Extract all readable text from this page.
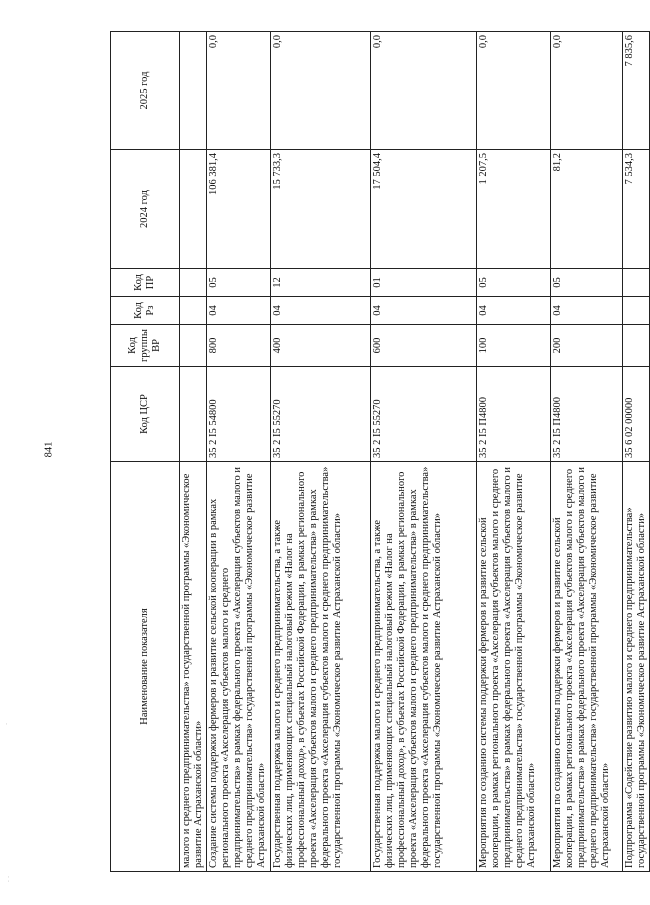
841
· ·
·	Наименование показателя	Код ЦСР	Код группы ВР	Код Рз	Код ПР	2024 год	2025 год
малого и среднего предпринимательства» государственной программы «Экономическое развитие Астраханской области»						
Создание системы поддержки фермеров и развитие сельской кооперации в рамках регионального проекта «Акселерация субъектов малого и среднего предпринимательства» в рамках федерального проекта «Акселерация субъектов малого и среднего предпринимательства» государственной программы «Экономическое развитие Астраханской области»	35 2 I5 54800	800	04	05	106 381,4	0,0
Государственная поддержка малого и среднего предпринимательства, а также физических лиц, применяющих специальный налоговый режим «Налог на профессиональный доход», в субъектах Российской Федерации, в рамках регионального проекта «Акселерация субъектов малого и среднего предпринимательства» в рамках федерального проекта «Акселерация субъектов малого и среднего предпринимательства» государственной программы «Экономическое развитие Астраханской области»	35 2 I5 55270	400	04	12	15 733,3	0,0
Государственная поддержка малого и среднего предпринимательства, а также физических лиц, применяющих специальный налоговый режим «Налог на профессиональный доход», в субъектах Российской Федерации, в рамках регионального проекта «Акселерация субъектов малого и среднего предпринимательства» в рамках федерального проекта «Акселерация субъектов малого и среднего предпринимательства» государственной программы «Экономическое развитие Астраханской области»	35 2 I5 55270	600	04	01	17 504,4	0,0
Мероприятия по созданию системы поддержки фермеров и развитие сельской кооперации, в рамках регионального проекта «Акселерация субъектов малого и среднего предпринимательства» в рамках федерального проекта «Акселерация субъектов малого и среднего предпринимательства» государственной программы «Экономическое развитие Астраханской области»	35 2 I5 П4800	100	04	05	1 207,5	0,0
Мероприятия по созданию системы поддержки фермеров и развитие сельской кооперации, в рамках регионального проекта «Акселерация субъектов малого и среднего предпринимательства» в рамках федерального проекта «Акселерация субъектов малого и среднего предпринимательства» государственной программы «Экономическое развитие Астраханской области»	35 2 I5 П4800	200	04	05	81,2	0,0
Подпрограмма «Содействие развитию малого и среднего предпринимательства» государственной программы «Экономическое развитие Астраханской области»	35 6 02 00000				7 534,3	7 835,6
